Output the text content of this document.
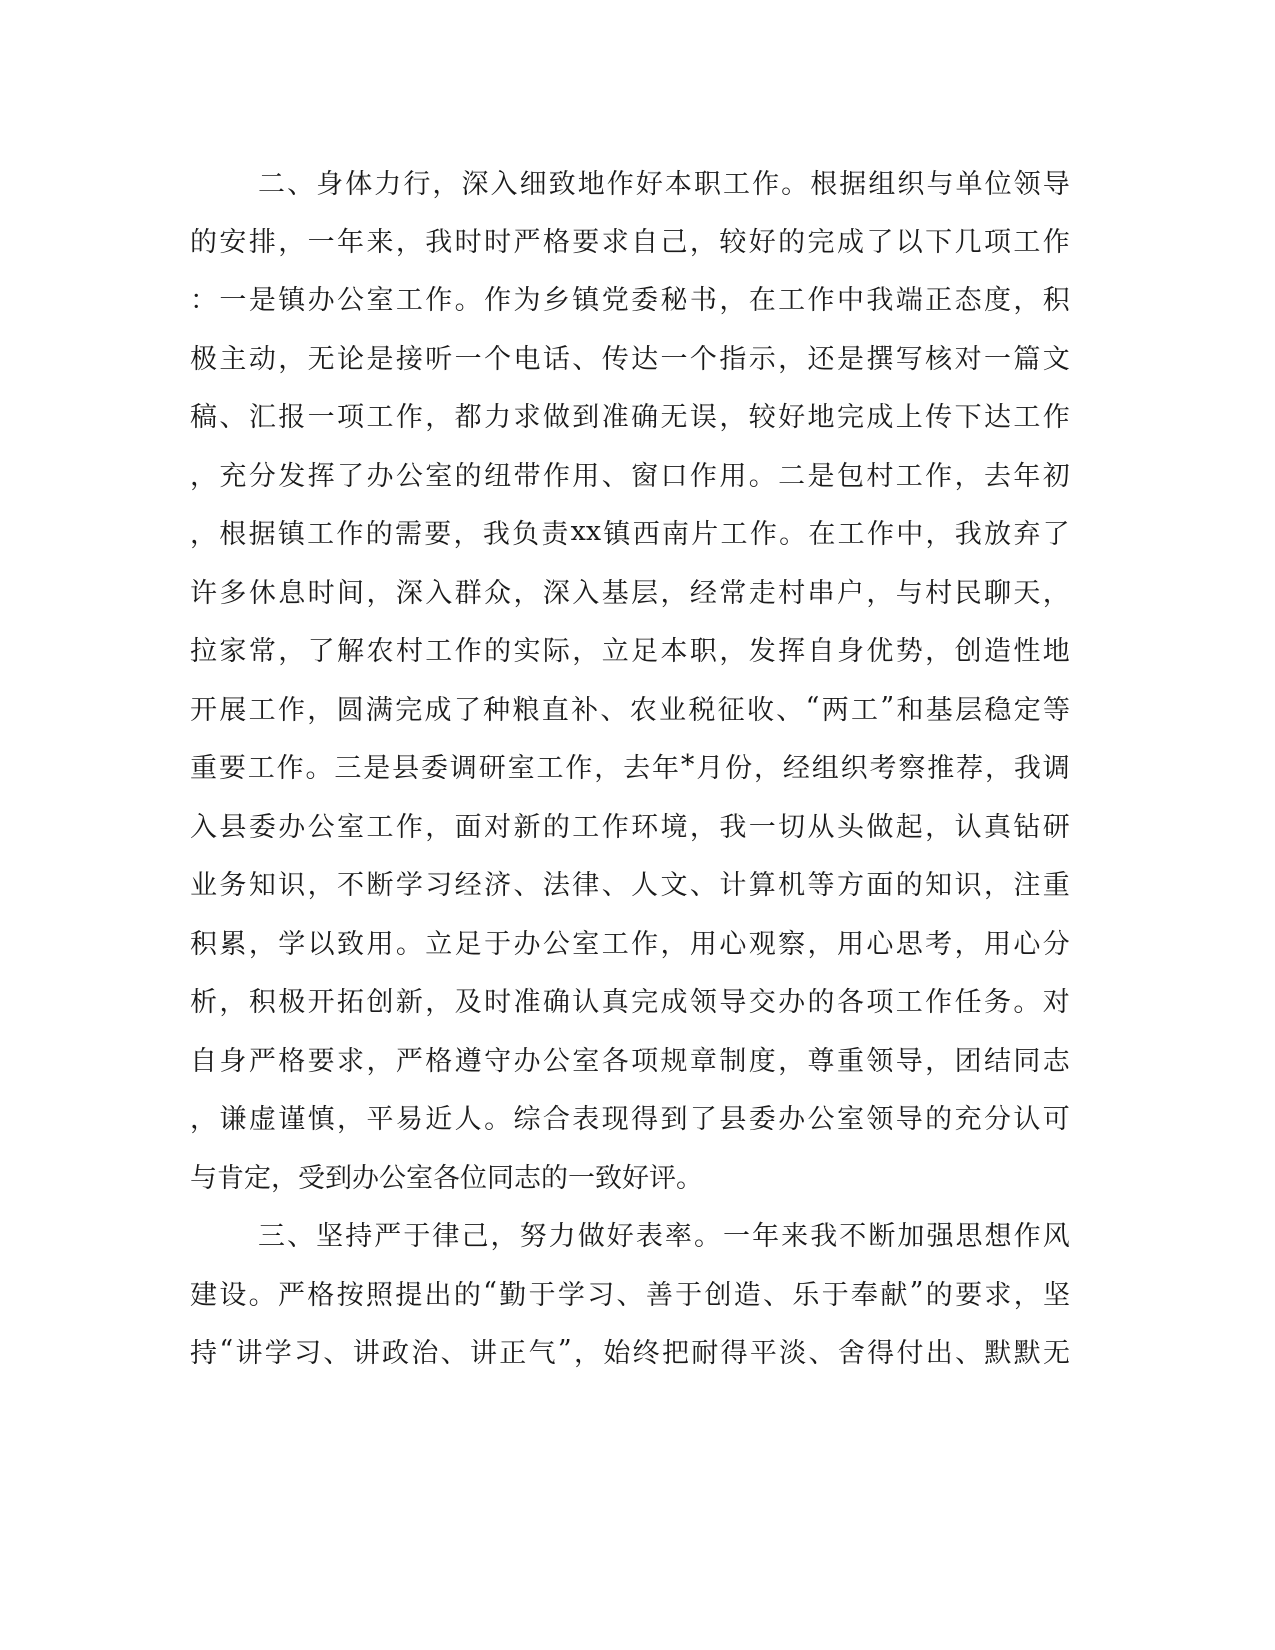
二 、 身 体 力 行 ， 深 入 细 致 地 作 好 本 职 工 作 。 根 据 组 织 与 单 位 领 导

的 安 排 ， 一 年 来 ， 我 时 时 严 格 要 求 自 己 ， 较 好 的 完 成 了 以 下 几 项 工 作

： 一 是 镇 办 公 室 工 作 。 作 为 乡 镇 党 委 秘 书 ， 在 工 作 中 我 端 正 态 度 ， 积

极 主 动 ， 无 论 是 接 听 一 个 电 话 、 传 达 一 个 指 示 ， 还 是 撰 写 核 对 一 篇 文

稿 、 汇 报 一 项 工 作 ， 都 力 求 做 到 准 确 无 误 ， 较 好 地 完 成 上 传 下 达 工 作

， 充 分 发 挥 了 办 公 室 的 纽 带 作 用 、 窗 口 作 用 。 二 是 包 村 工 作 ， 去 年 初

， 根 据 镇 工 作 的 需 要 ， 我 负 责 xx 镇 西 南 片 工 作 。 在 工 作 中 ， 我 放 弃 了

许 多 休 息 时 间 ， 深 入 群 众 ， 深 入 基 层 ， 经 常 走 村 串 户 ， 与 村 民 聊 天 ，

拉 家 常 ， 了 解 农 村 工 作 的 实 际 ， 立 足 本 职 ， 发 挥 自 身 优 势 ， 创 造 性 地

开 展 工 作 ， 圆 满 完 成 了 种 粮 直 补 、 农 业 税 征 收 、 “ 两 工 ” 和 基 层 稳 定 等

重 要 工 作 。 三 是 县 委 调 研 室 工 作 ， 去 年 * 月 份 ， 经 组 织 考 察 推 荐 ， 我 调

入 县 委 办 公 室 工 作 ， 面 对 新 的 工 作 环 境 ， 我 一 切 从 头 做 起 ， 认 真 钻 研

业 务 知 识 ， 不 断 学 习 经 济 、 法 律 、 人 文 、 计 算 机 等 方 面 的 知 识 ， 注 重

积 累 ， 学 以 致 用 。 立 足 于 办 公 室 工 作 ， 用 心 观 察 ， 用 心 思 考 ， 用 心 分

析 ， 积 极 开 拓 创 新 ， 及 时 准 确 认 真 完 成 领 导 交 办 的 各 项 工 作 任 务 。 对

自 身 严 格 要 求 ， 严 格 遵 守 办 公 室 各 项 规 章 制 度 ， 尊 重 领 导 ， 团 结 同 志

， 谦 虚 谨 慎 ， 平 易 近 人 。 综 合 表 现 得 到 了 县 委 办 公 室 领 导 的 充 分 认 可

与肯定，受到办公室各位同志的一致好评。

三 、 坚 持 严 于 律 己 ， 努 力 做 好 表 率 。 一 年 来 我 不 断 加 强 思 想 作 风

建 设 。 严 格 按 照 提 出 的 “ 勤 于 学 习 、 善 于 创 造 、 乐 于 奉 献 ” 的 要 求 ， 坚

持 “ 讲 学 习 、 讲 政 治 、 讲 正 气 ” ， 始 终 把 耐 得 平 淡 、 舍 得 付 出 、 默 默 无
